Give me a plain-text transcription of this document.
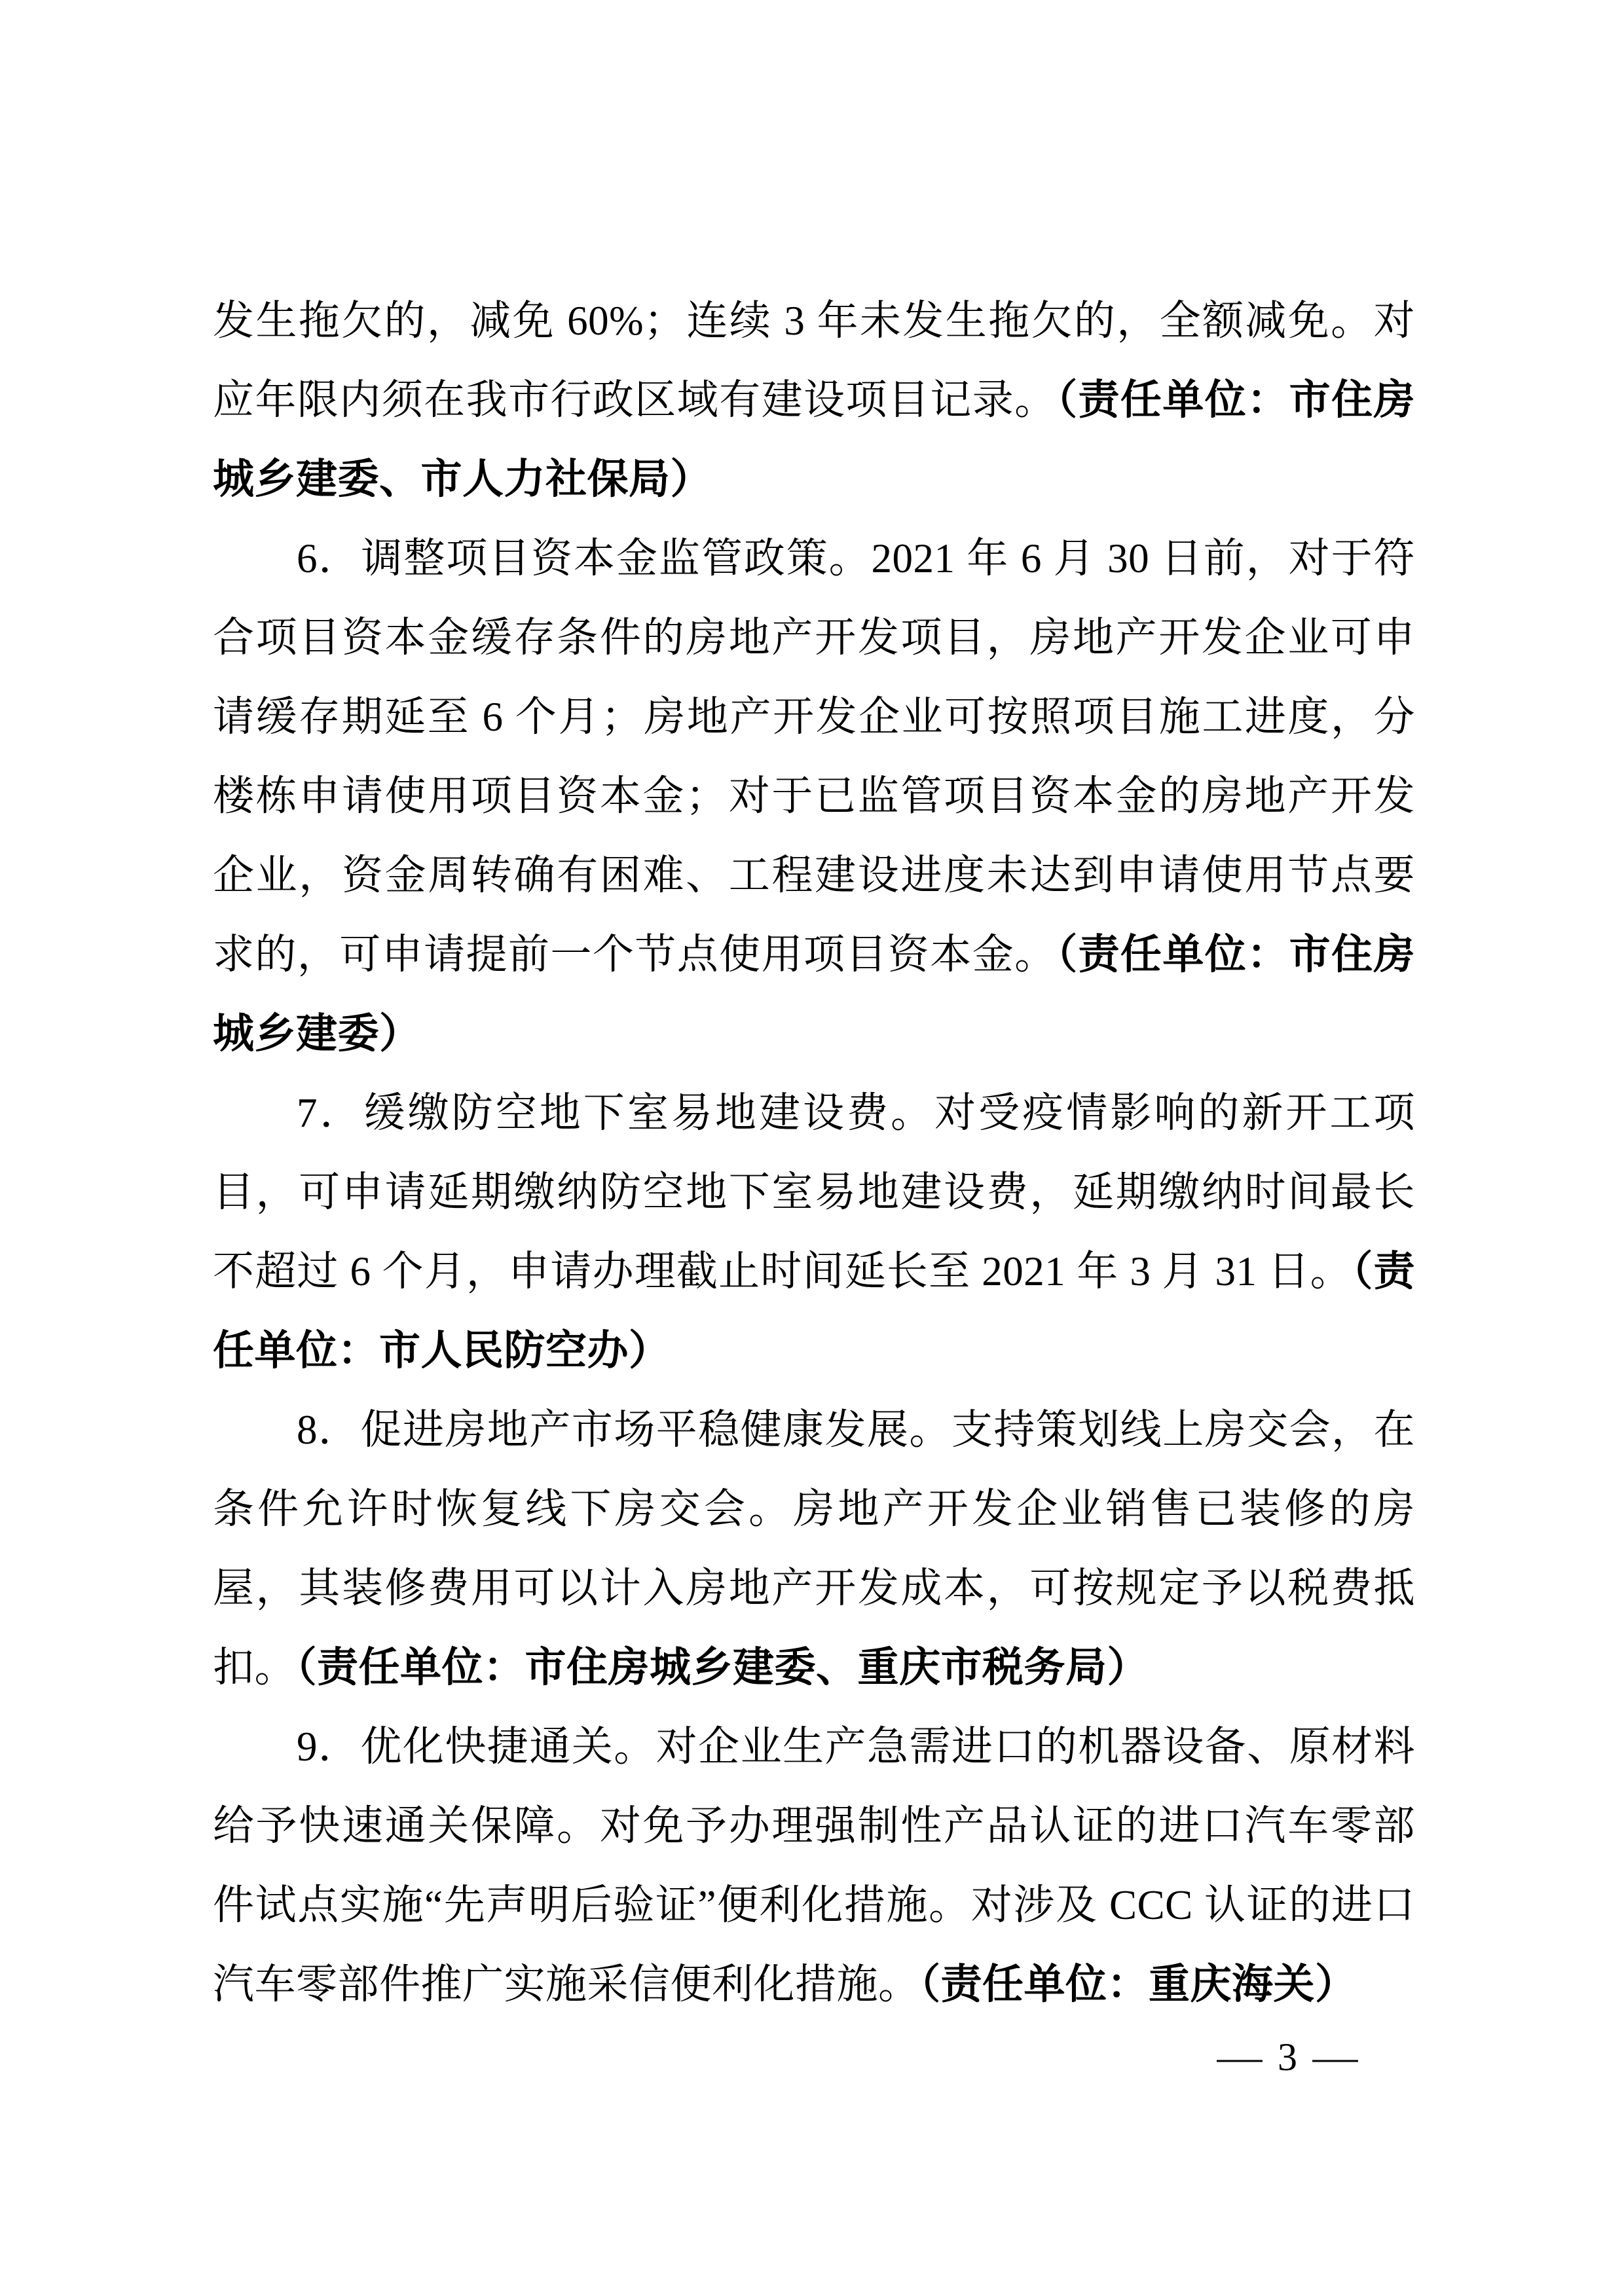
发生拖欠的，减免 60%；连续 3 年未发生拖欠的，全额减免。对应年限内须在我市行政区域有建设项目记录。（责任单位：市住房城乡建委、市人力社保局）

6．调整项目资本金监管政策。2021 年 6 月 30 日前，对于符合项目资本金缓存条件的房地产开发项目，房地产开发企业可申请缓存期延至 6 个月；房地产开发企业可按照项目施工进度，分楼栋申请使用项目资本金；对于已监管项目资本金的房地产开发企业，资金周转确有困难、工程建设进度未达到申请使用节点要求的，可申请提前一个节点使用项目资本金。（责任单位：市住房城乡建委）

7．缓缴防空地下室易地建设费。对受疫情影响的新开工项目，可申请延期缴纳防空地下室易地建设费，延期缴纳时间最长不超过 6 个月，申请办理截止时间延长至 2021 年 3 月 31 日。（责任单位：市人民防空办）

8．促进房地产市场平稳健康发展。支持策划线上房交会，在条件允许时恢复线下房交会。房地产开发企业销售已装修的房屋，其装修费用可以计入房地产开发成本，可按规定予以税费抵扣。（责任单位：市住房城乡建委、重庆市税务局）

9．优化快捷通关。对企业生产急需进口的机器设备、原材料给予快速通关保障。对免予办理强制性产品认证的进口汽车零部件试点实施“先声明后验证”便利化措施。对涉及 CCC 认证的进口汽车零部件推广实施采信便利化措施。（责任单位：重庆海关）

— 3 —
